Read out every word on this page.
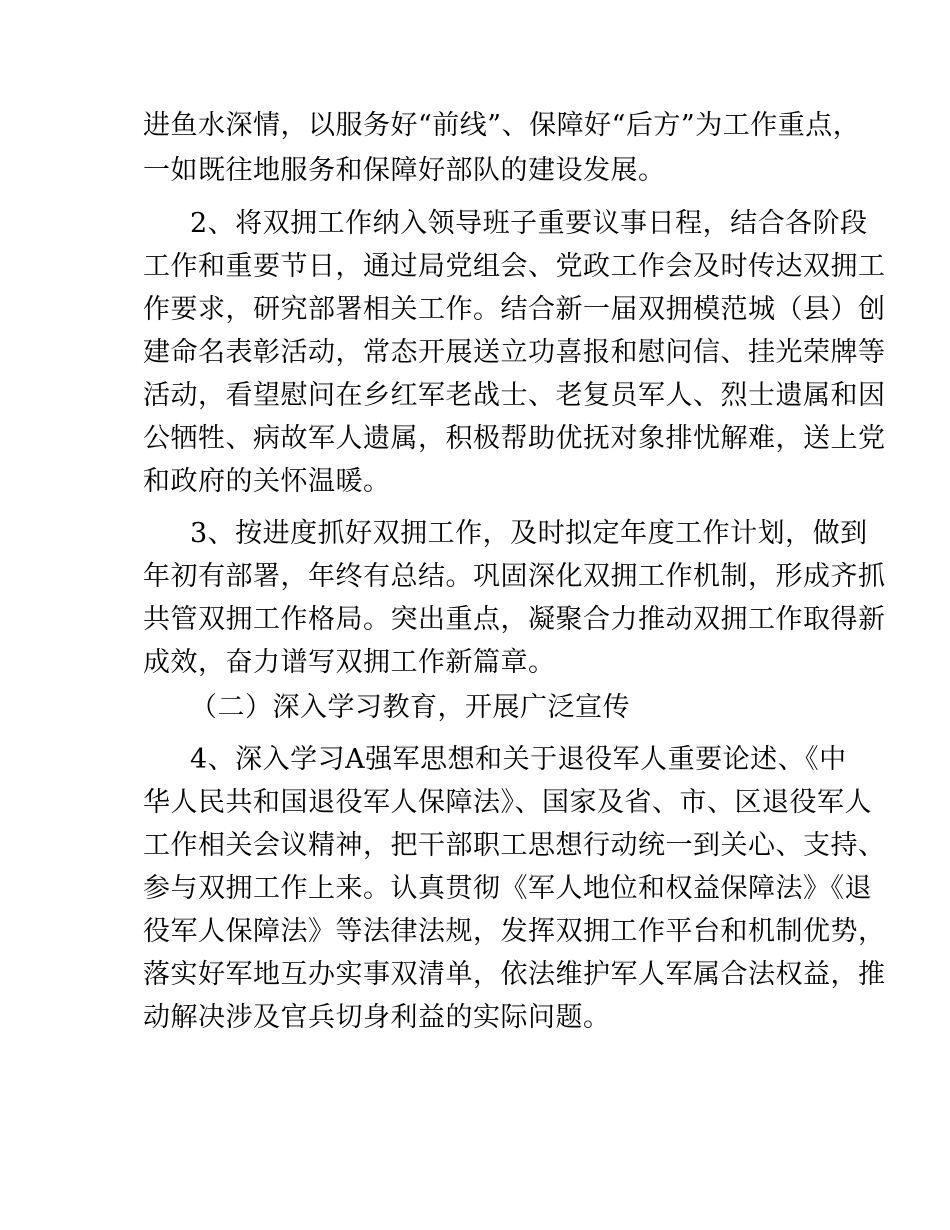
进鱼水深情，以服务好“前线”、保障好“后方”为工作重点，
一如既往地服务和保障好部队的建设发展。
2、将双拥工作纳入领导班子重要议事日程，结合各阶段
工作和重要节日，通过局党组会、党政工作会及时传达双拥工
作要求，研究部署相关工作。结合新一届双拥模范城（县）创
建命名表彰活动，常态开展送立功喜报和慰问信、挂光荣牌等
活动，看望慰问在乡红军老战士、老复员军人、烈士遗属和因
公牺牲、病故军人遗属，积极帮助优抚对象排忧解难，送上党
和政府的关怀温暖。
3、按进度抓好双拥工作，及时拟定年度工作计划，做到
年初有部署，年终有总结。巩固深化双拥工作机制，形成齐抓
共管双拥工作格局。突出重点，凝聚合力推动双拥工作取得新
成效，奋力谱写双拥工作新篇章。
（二）深入学习教育，开展广泛宣传
4、深入学习A强军思想和关于退役军人重要论述、《中
华人民共和国退役军人保障法》、国家及省、市、区退役军人
工作相关会议精神，把干部职工思想行动统一到关心、支持、
参与双拥工作上来。认真贯彻《军人地位和权益保障法》《退
役军人保障法》等法律法规，发挥双拥工作平台和机制优势，
落实好军地互办实事双清单，依法维护军人军属合法权益，推
动解决涉及官兵切身利益的实际问题。
